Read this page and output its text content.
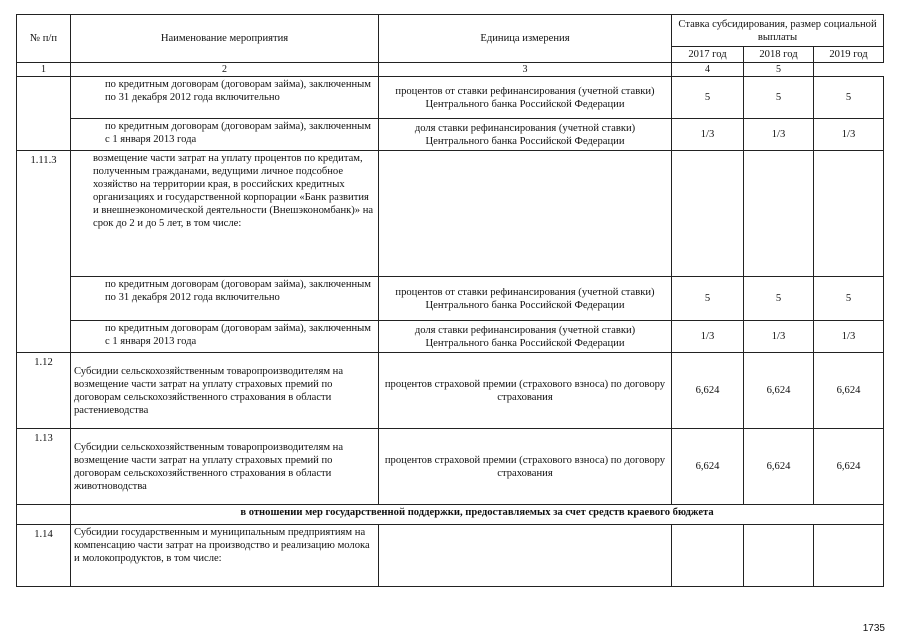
№ п/п	Наименование мероприятия	Единица измерения	Ставка субсидирования, размер социальной выплаты		
			2017 год	2018 год	2019 год
1	2	3	4	5	
	по кредитным договорам (договорам займа), заключенным по 31 декабря 2012 года включительно	процентов от ставки рефинансирования (учетной ставки) Центрального банка Российской Федерации	5	5	5
	по кредитным договорам (договорам займа), заключенным с 1 января 2013 года	доля ставки рефинансирования (учетной ставки) Центрального банка Российской Федерации	1/3	1/3	1/3
1.11.3	возмещение части затрат на уплату процентов по кредитам, полученным гражданами, ведущими личное подсобное хозяйство на территории края, в российских кредитных организациях и государственной корпорации «Банк развития и внешнеэкономической деятельности (Внешэкономбанк)» на срок до 2 и до 5 лет, в том числе:				
	по кредитным договорам (договорам займа), заключенным по 31 декабря 2012 года включительно	процентов от ставки рефинансирования (учетной ставки) Центрального банка Российской Федерации	5	5	5
	по кредитным договорам (договорам займа), заключенным с 1 января 2013 года	доля ставки рефинансирования (учетной ставки) Центрального банка Российской Федерации	1/3	1/3	1/3
1.12	Субсидии сельскохозяйственным товаропроизводителям на возмещение части затрат на уплату страховых премий по договорам сельскохозяйственного страхования в области растениеводства	процентов страховой премии (страхового взноса) по договору страхования	6,624	6,624	6,624
1.13	Субсидии сельскохозяйственным товаропроизводителям на возмещение части затрат на уплату страховых премий по договорам сельскохозяйственного страхования в области животноводства	процентов страховой премии (страхового взноса) по договору страхования	6,624	6,624	6,624
	в отношении мер государственной поддержки, предоставляемых за счет средств краевого бюджета				
1.14	Субсидии государственным и муниципальным предприятиям на компенсацию части затрат на производство и реализацию молока и молокопродуктов, в том числе:				
1735
